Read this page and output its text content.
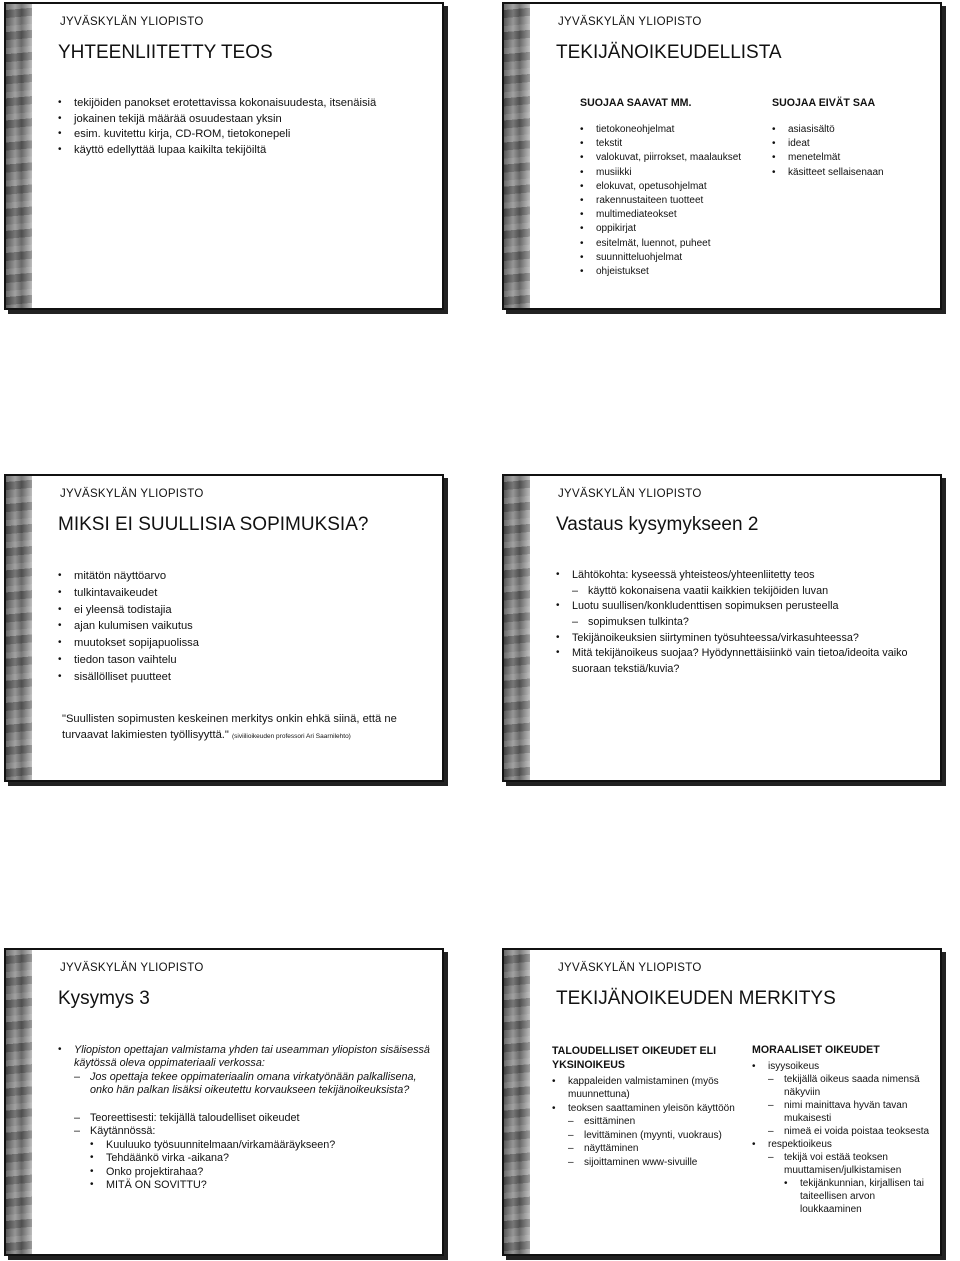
JYVÄSKYLÄN YLIOPISTO
YHTEENLIITETTY TEOS
• tekijöiden panokset erotettavissa kokonaisuudesta, itsenäisiä
• jokainen tekijä määrää osuudestaan yksin
• esim. kuvitettu kirja, CD-ROM, tietokonepeli
• käyttö edellyttää lupaa kaikilta tekijöiltä
JYVÄSKYLÄN YLIOPISTO
TEKIJÄNOIKEUDELLISTA
SUOJAA SAAVAT MM.
• tietokoneohjelmat
• tekstit
• valokuvat, piirrokset, maalaukset
• musiikki
• elokuvat, opetusohjelmat
• rakennustaiteen tuotteet
• multimediateokset
• oppikirjat
• esitelmät, luennot, puheet
• suunnitteluohjelmat
• ohjeistukset
SUOJAA EIVÄT SAA
• asiasisältö
• ideat
• menetelmät
• käsitteet sellaisenaan
JYVÄSKYLÄN YLIOPISTO
MIKSI EI SUULLISIA SOPIMUKSIA?
• mitätön näyttöarvo
• tulkintavaikeudet
• ei yleensä todistajia
• ajan kulumisen vaikutus
• muutokset sopijapuolissa
• tiedon tason vaihtelu
• sisällölliset puutteet
"Suullisten sopimusten keskeinen merkitys onkin ehkä siinä, että ne turvaavat lakimiesten työllisyyttä." (siviilioikeuden professori Ari Saarnilehto)
JYVÄSKYLÄN YLIOPISTO
Vastaus kysymykseen 2
• Lähtökohta: kyseessä yhteisteos/yhteenliitetty teos
– käyttö kokonaisena vaatii kaikkien tekijöiden luvan
• Luotu suullisen/konkludenttisen sopimuksen perusteella
– sopimuksen tulkinta?
• Tekijänoikeuksien siirtyminen työsuhteessa/virkasuhteessa?
• Mitä tekijänoikeus suojaa? Hyödynnettäisiinkö vain tietoa/ideoita vaiko suoraan tekstiä/kuvia?
JYVÄSKYLÄN YLIOPISTO
Kysymys 3
• Yliopiston opettajan valmistama yhden tai useamman yliopiston sisäisessä käytössä oleva oppimateriaali verkossa:
– Jos opettaja tekee oppimateriaalin omana virkatyönään palkallisena, onko hän palkan lisäksi oikeutettu korvaukseen tekijänoikeuksista?
– Teoreettisesti: tekijällä taloudelliset oikeudet
– Käytännössä:
• Kuuluuko työsuunnitelmaan/virkamääräykseen?
• Tehdäänkö virka -aikana?
• Onko projektirahaa?
• MITÄ ON SOVITTU?
JYVÄSKYLÄN YLIOPISTO
TEKIJÄNOIKEUDEN MERKITYS
TALOUDELLISET OIKEUDET ELI YKSINOIKEUS
• kappaleiden valmistaminen (myös muunnettuna)
• teoksen saattaminen yleisön käyttöön
– esittäminen
– levittäminen (myynti, vuokraus)
– näyttäminen
– sijoittaminen www-sivuille
MORAALISET OIKEUDET
• isyysoikeus
– tekijällä oikeus saada nimensä näkyviin
– nimi mainittava hyvän tavan mukaisesti
– nimeä ei voida poistaa teoksesta
• respektioikeus
– tekijä voi estää teoksen muuttamisen/julkistamisen
• tekijänkunnian, kirjallisen tai taiteellisen arvon loukkaaminen
